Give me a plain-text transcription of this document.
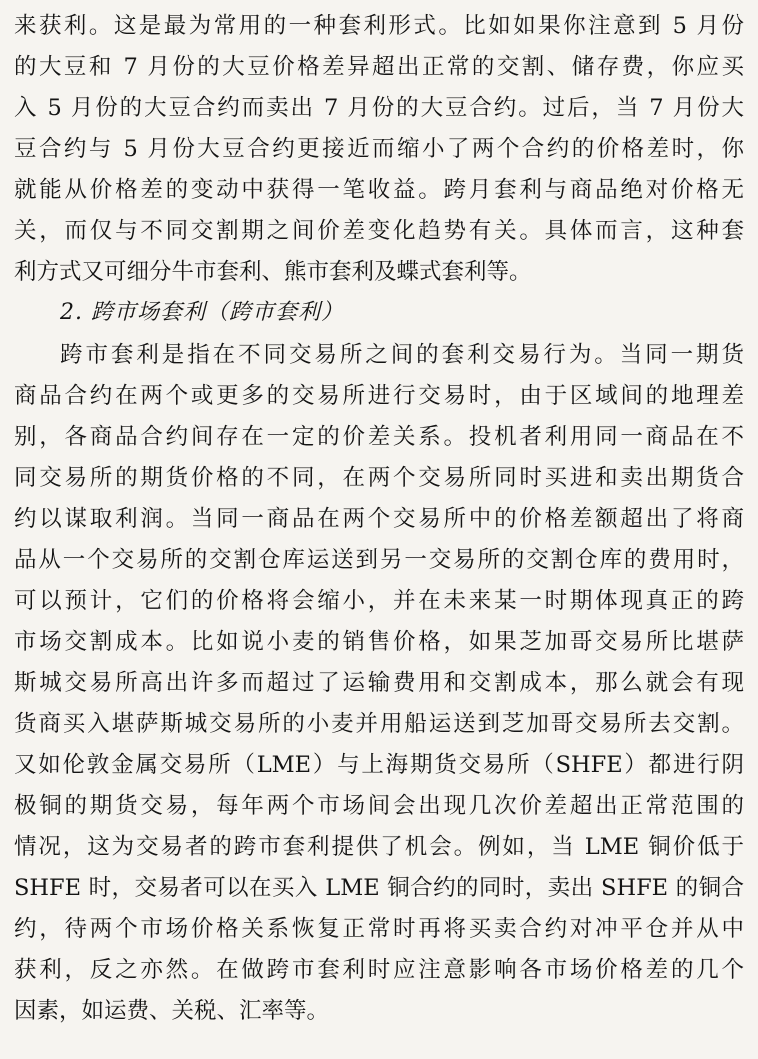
来获利。这是最为常用的一种套利形式。比如如果你注意到 5 月份
的大豆和 7 月份的大豆价格差异超出正常的交割、储存费，你应买
入 5 月份的大豆合约而卖出 7 月份的大豆合约。过后，当 7 月份大
豆合约与 5 月份大豆合约更接近而缩小了两个合约的价格差时，你
就能从价格差的变动中获得一笔收益。跨月套利与商品绝对价格无
关，而仅与不同交割期之间价差变化趋势有关。具体而言，这种套
利方式又可细分牛市套利、熊市套利及蝶式套利等。
2. 跨市场套利（跨市套利）
跨市套利是指在不同交易所之间的套利交易行为。当同一期货
商品合约在两个或更多的交易所进行交易时，由于区域间的地理差
别，各商品合约间存在一定的价差关系。投机者利用同一商品在不
同交易所的期货价格的不同，在两个交易所同时买进和卖出期货合
约以谋取利润。当同一商品在两个交易所中的价格差额超出了将商
品从一个交易所的交割仓库运送到另一交易所的交割仓库的费用时，
可以预计，它们的价格将会缩小，并在未来某一时期体现真正的跨
市场交割成本。比如说小麦的销售价格，如果芝加哥交易所比堪萨
斯城交易所高出许多而超过了运输费用和交割成本，那么就会有现
货商买入堪萨斯城交易所的小麦并用船运送到芝加哥交易所去交割。
又如伦敦金属交易所（LME）与上海期货交易所（SHFE）都进行阴
极铜的期货交易，每年两个市场间会出现几次价差超出正常范围的
情况，这为交易者的跨市套利提供了机会。例如，当 LME 铜价低于
SHFE 时，交易者可以在买入 LME 铜合约的同时，卖出 SHFE 的铜合
约，待两个市场价格关系恢复正常时再将买卖合约对冲平仓并从中
获利，反之亦然。在做跨市套利时应注意影响各市场价格差的几个
因素，如运费、关税、汇率等。
